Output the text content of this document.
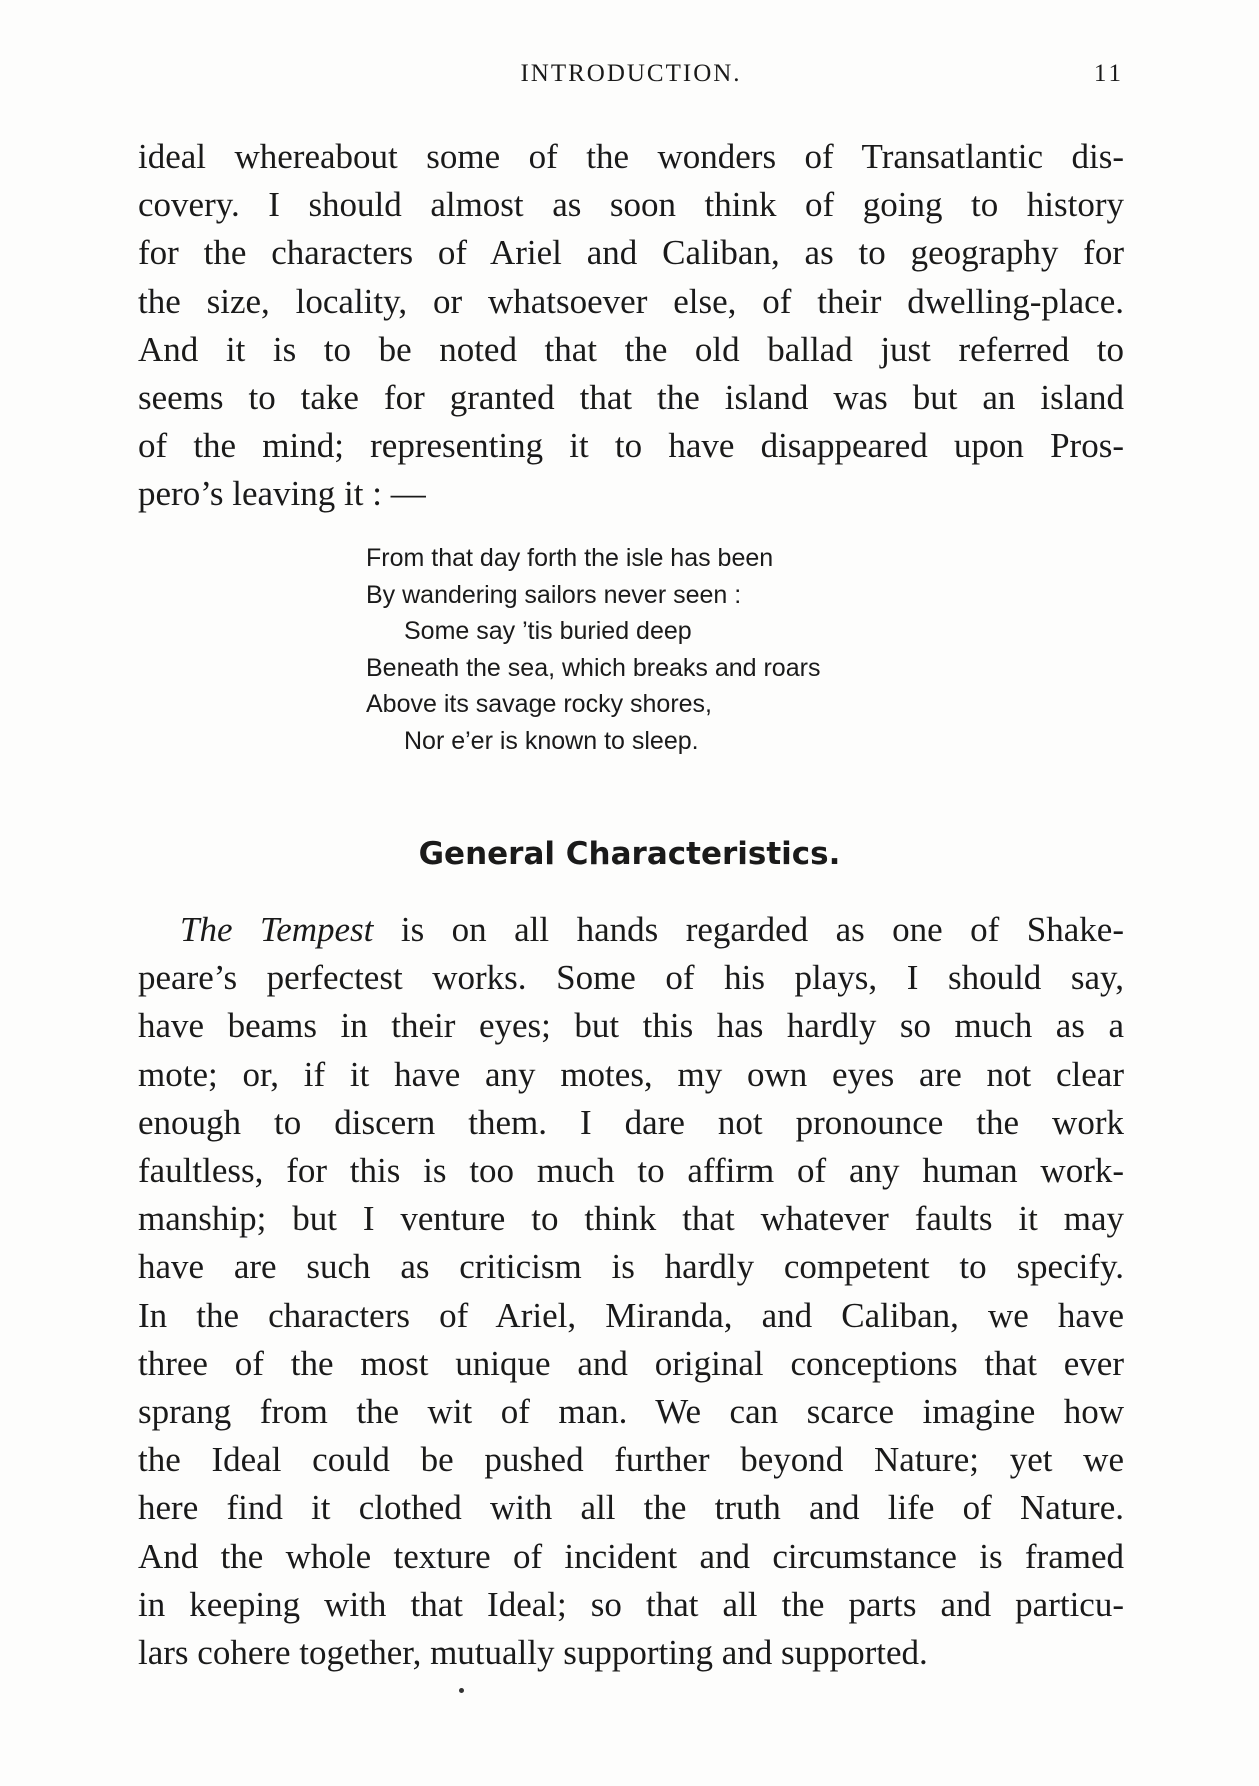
INTRODUCTION.	11
ideal whereabout some of the wonders of Transatlantic dis-
covery. I should almost as soon think of going to history
for the characters of Ariel and Caliban, as to geography for
the size, locality, or whatsoever else, of their dwelling-place.
And it is to be noted that the old ballad just referred to
seems to take for granted that the island was but an island
of the mind; representing it to have disappeared upon Pros-
pero’s leaving it : —
From that day forth the isle has been
By wandering sailors never seen :
Some say ’tis buried deep
Beneath the sea, which breaks and roars
Above its savage rocky shores,
Nor e’er is known to sleep.
General Characteristics.
The Tempest is on all hands regarded as one of Shake-
peare’s perfectest works. Some of his plays, I should say,
have beams in their eyes; but this has hardly so much as a
mote; or, if it have any motes, my own eyes are not clear
enough to discern them. I dare not pronounce the work
faultless, for this is too much to affirm of any human work-
manship; but I venture to think that whatever faults it may
have are such as criticism is hardly competent to specify.
In the characters of Ariel, Miranda, and Caliban, we have
three of the most unique and original conceptions that ever
sprang from the wit of man. We can scarce imagine how
the Ideal could be pushed further beyond Nature; yet we
here find it clothed with all the truth and life of Nature.
And the whole texture of incident and circumstance is framed
in keeping with that Ideal; so that all the parts and particu-
lars cohere together, mutually supporting and supported.
